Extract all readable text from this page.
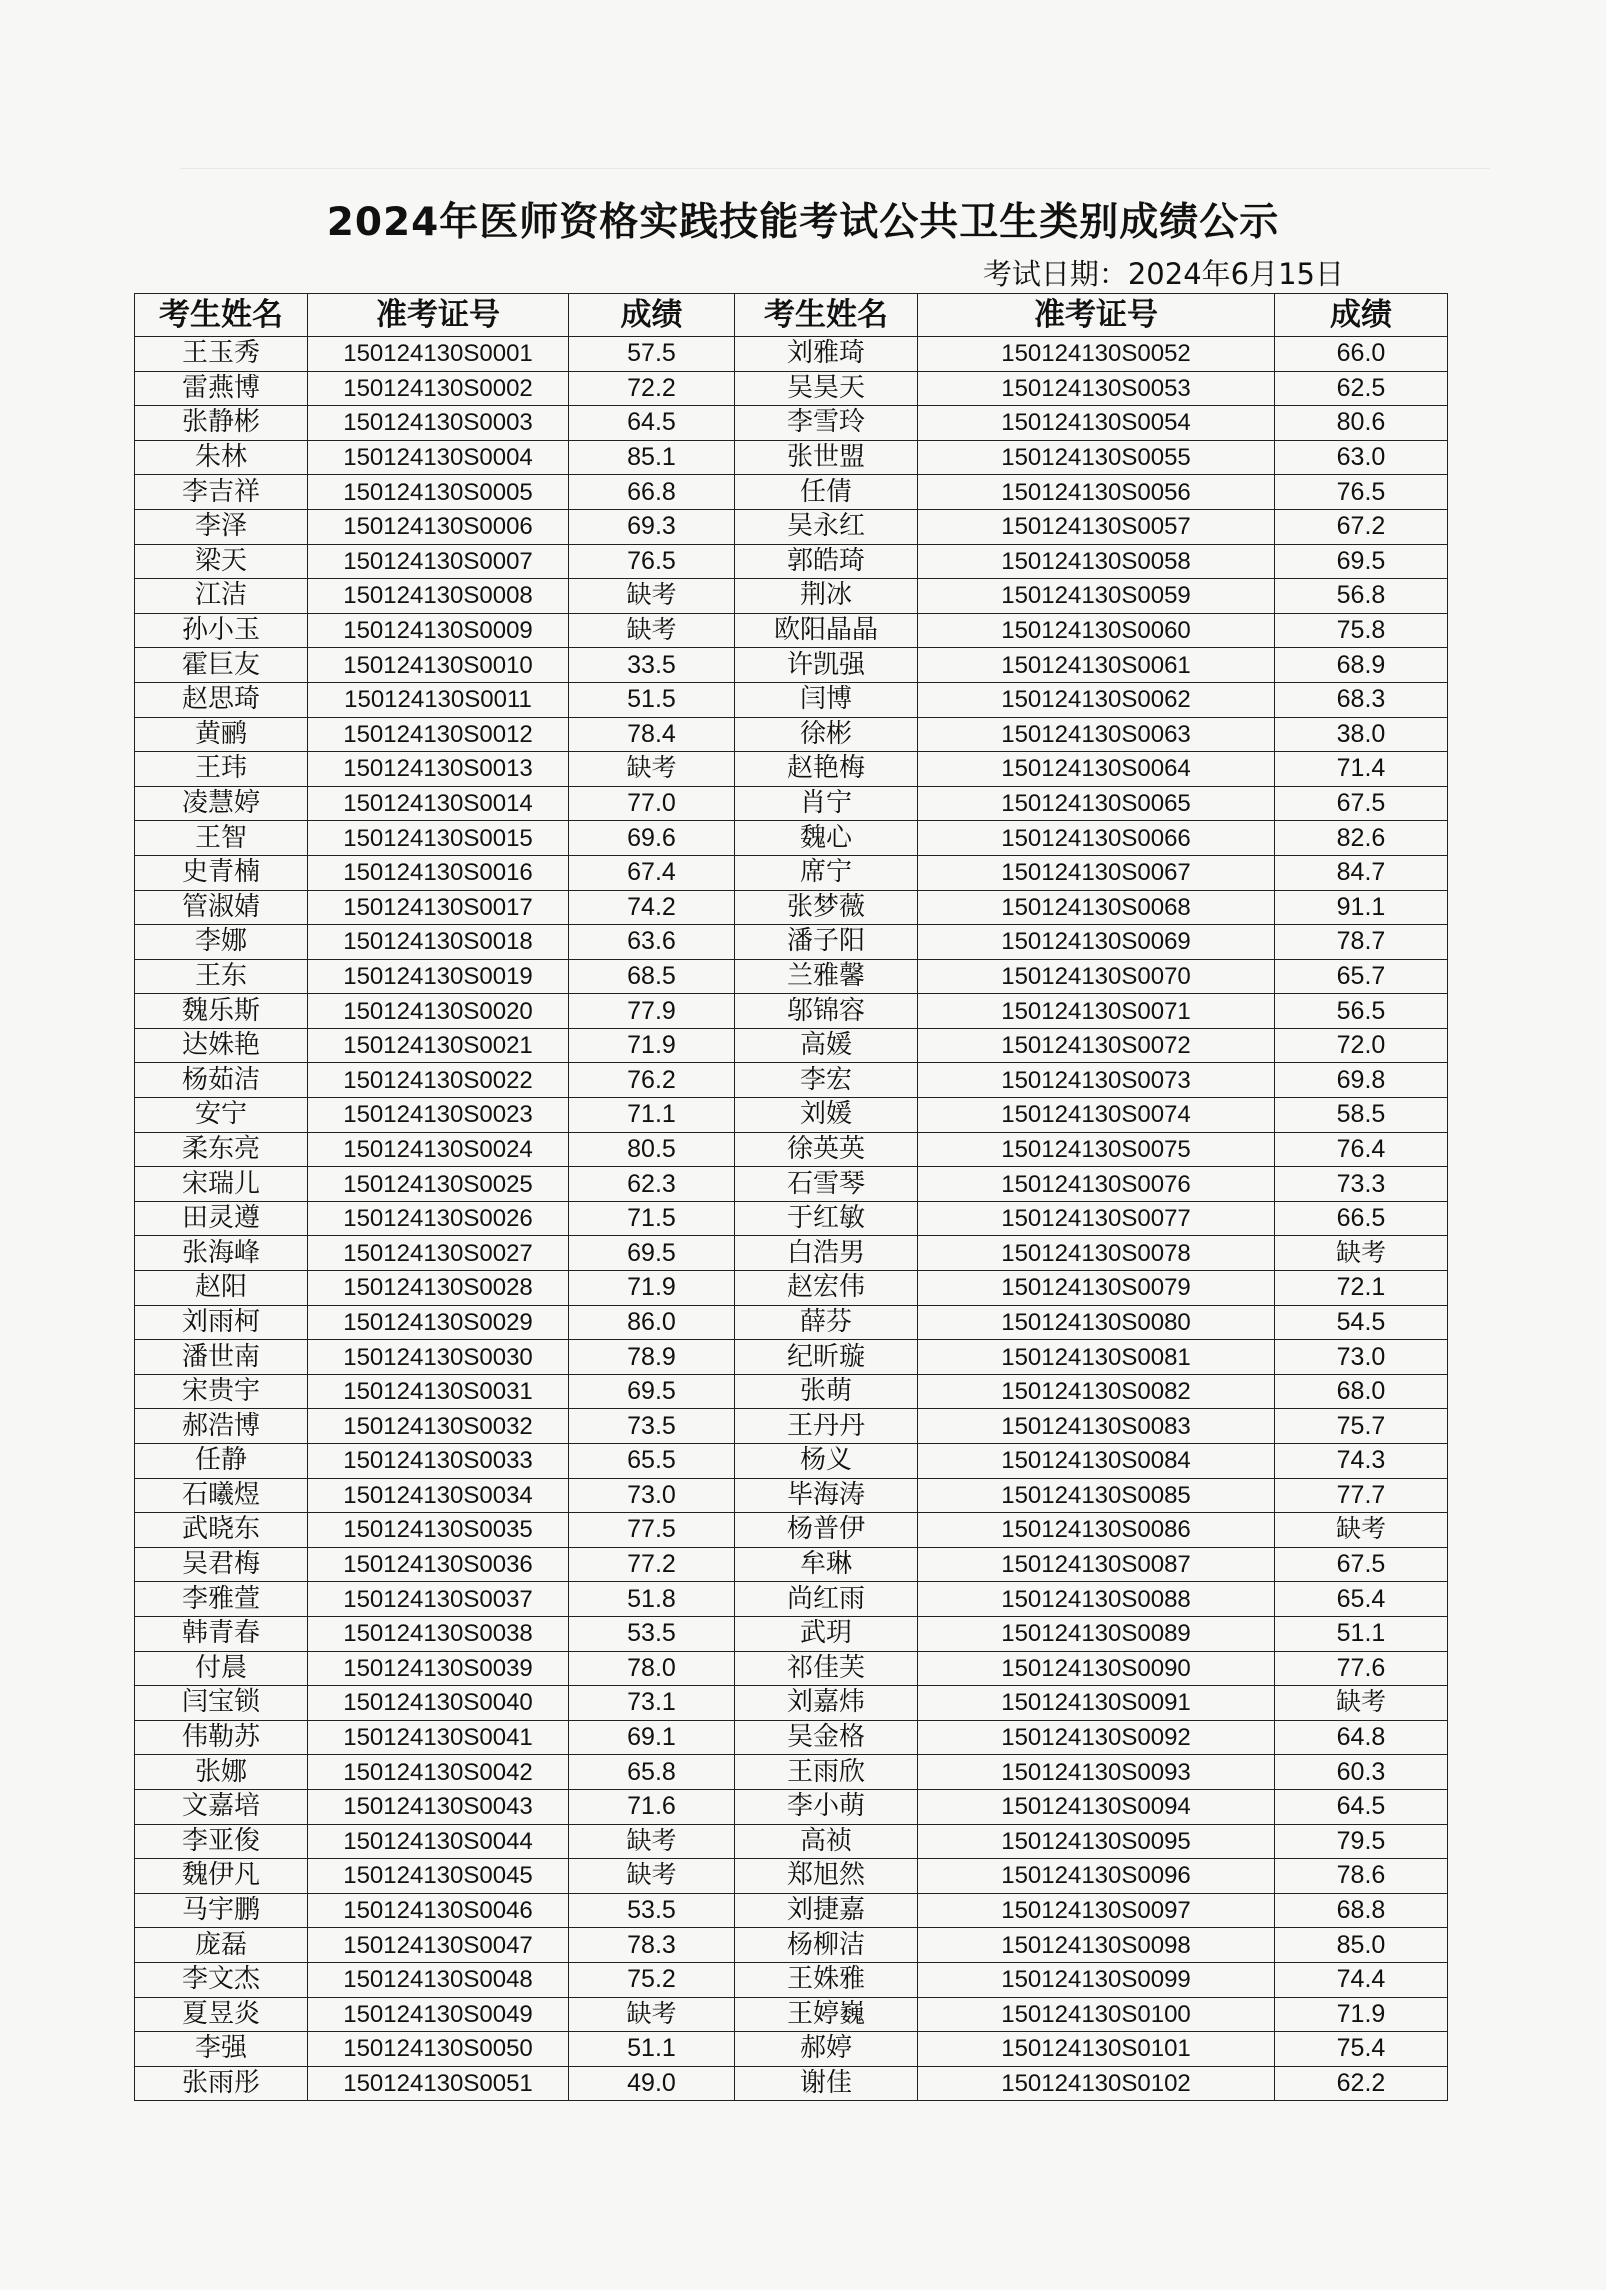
2024年医师资格实践技能考试公共卫生类别成绩公示
考试日期：2024年6月15日
考生姓名	准考证号	成绩	考生姓名	准考证号	成绩
王玉秀	150124130S0001	57.5	刘雅琦	150124130S0052	66.0
雷燕博	150124130S0002	72.2	吴昊天	150124130S0053	62.5
张静彬	150124130S0003	64.5	李雪玲	150124130S0054	80.6
朱林	150124130S0004	85.1	张世盟	150124130S0055	63.0
李吉祥	150124130S0005	66.8	任倩	150124130S0056	76.5
李泽	150124130S0006	69.3	吴永红	150124130S0057	67.2
梁天	150124130S0007	76.5	郭皓琦	150124130S0058	69.5
江洁	150124130S0008	缺考	荆冰	150124130S0059	56.8
孙小玉	150124130S0009	缺考	欧阳晶晶	150124130S0060	75.8
霍巨友	150124130S0010	33.5	许凯强	150124130S0061	68.9
赵思琦	150124130S0011	51.5	闫博	150124130S0062	68.3
黄鹂	150124130S0012	78.4	徐彬	150124130S0063	38.0
王玮	150124130S0013	缺考	赵艳梅	150124130S0064	71.4
凌慧婷	150124130S0014	77.0	肖宁	150124130S0065	67.5
王智	150124130S0015	69.6	魏心	150124130S0066	82.6
史青楠	150124130S0016	67.4	席宁	150124130S0067	84.7
管淑婧	150124130S0017	74.2	张梦薇	150124130S0068	91.1
李娜	150124130S0018	63.6	潘子阳	150124130S0069	78.7
王东	150124130S0019	68.5	兰雅馨	150124130S0070	65.7
魏乐斯	150124130S0020	77.9	邬锦容	150124130S0071	56.5
达姝艳	150124130S0021	71.9	高媛	150124130S0072	72.0
杨茹洁	150124130S0022	76.2	李宏	150124130S0073	69.8
安宁	150124130S0023	71.1	刘媛	150124130S0074	58.5
柔东亮	150124130S0024	80.5	徐英英	150124130S0075	76.4
宋瑞儿	150124130S0025	62.3	石雪琴	150124130S0076	73.3
田灵遵	150124130S0026	71.5	于红敏	150124130S0077	66.5
张海峰	150124130S0027	69.5	白浩男	150124130S0078	缺考
赵阳	150124130S0028	71.9	赵宏伟	150124130S0079	72.1
刘雨柯	150124130S0029	86.0	薛芬	150124130S0080	54.5
潘世南	150124130S0030	78.9	纪昕璇	150124130S0081	73.0
宋贵宇	150124130S0031	69.5	张萌	150124130S0082	68.0
郝浩博	150124130S0032	73.5	王丹丹	150124130S0083	75.7
任静	150124130S0033	65.5	杨义	150124130S0084	74.3
石曦煜	150124130S0034	73.0	毕海涛	150124130S0085	77.7
武晓东	150124130S0035	77.5	杨普伊	150124130S0086	缺考
吴君梅	150124130S0036	77.2	牟琳	150124130S0087	67.5
李雅萱	150124130S0037	51.8	尚红雨	150124130S0088	65.4
韩青春	150124130S0038	53.5	武玥	150124130S0089	51.1
付晨	150124130S0039	78.0	祁佳芙	150124130S0090	77.6
闫宝锁	150124130S0040	73.1	刘嘉炜	150124130S0091	缺考
伟勒苏	150124130S0041	69.1	吴金格	150124130S0092	64.8
张娜	150124130S0042	65.8	王雨欣	150124130S0093	60.3
文嘉培	150124130S0043	71.6	李小萌	150124130S0094	64.5
李亚俊	150124130S0044	缺考	高祯	150124130S0095	79.5
魏伊凡	150124130S0045	缺考	郑旭然	150124130S0096	78.6
马宇鹏	150124130S0046	53.5	刘捷嘉	150124130S0097	68.8
庞磊	150124130S0047	78.3	杨柳洁	150124130S0098	85.0
李文杰	150124130S0048	75.2	王姝雅	150124130S0099	74.4
夏昱炎	150124130S0049	缺考	王婷巍	150124130S0100	71.9
李强	150124130S0050	51.1	郝婷	150124130S0101	75.4
张雨彤	150124130S0051	49.0	谢佳	150124130S0102	62.2
